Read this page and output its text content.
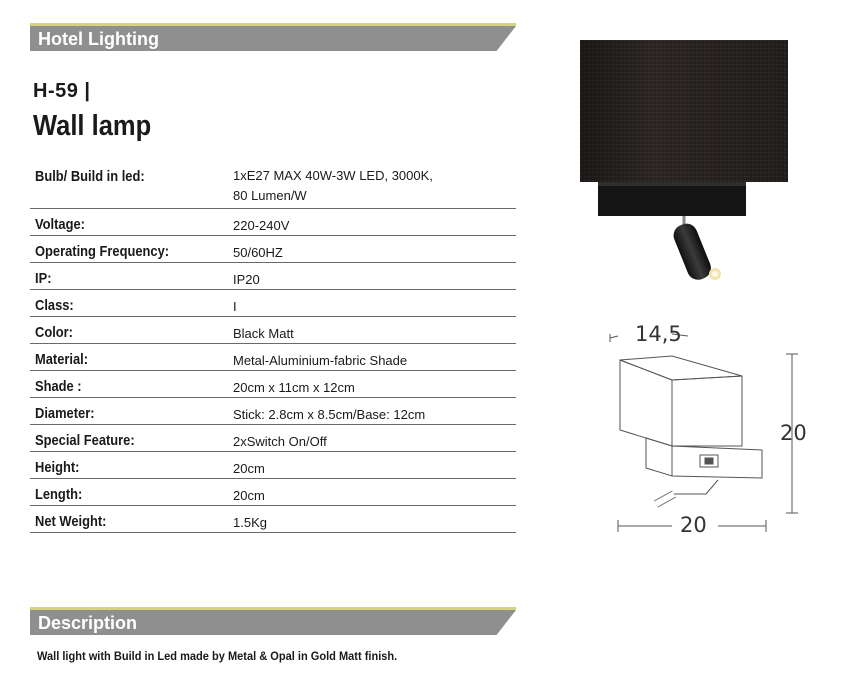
Hotel Lighting
H-59 |
Wall lamp
Bulb/ Build in led:	1xE27 MAX 40W-3W LED, 3000K,
80 Lumen/W
Voltage:	220-240V
Operating Frequency:	50/60HZ
IP:	IP20
Class:	I
Color:	Black Matt
Material:	Metal-Aluminium-fabric Shade
Shade :	20cm x 11cm x 12cm
Diameter:	Stick: 2.8cm x 8.5cm/Base: 12cm
Special Feature:	2xSwitch On/Off
Height:	20cm
Length:	20cm
Net Weight:	1.5Kg
14,5
20
20
Description
Wall light with Build in Led made by Metal & Opal in Gold Matt finish.
